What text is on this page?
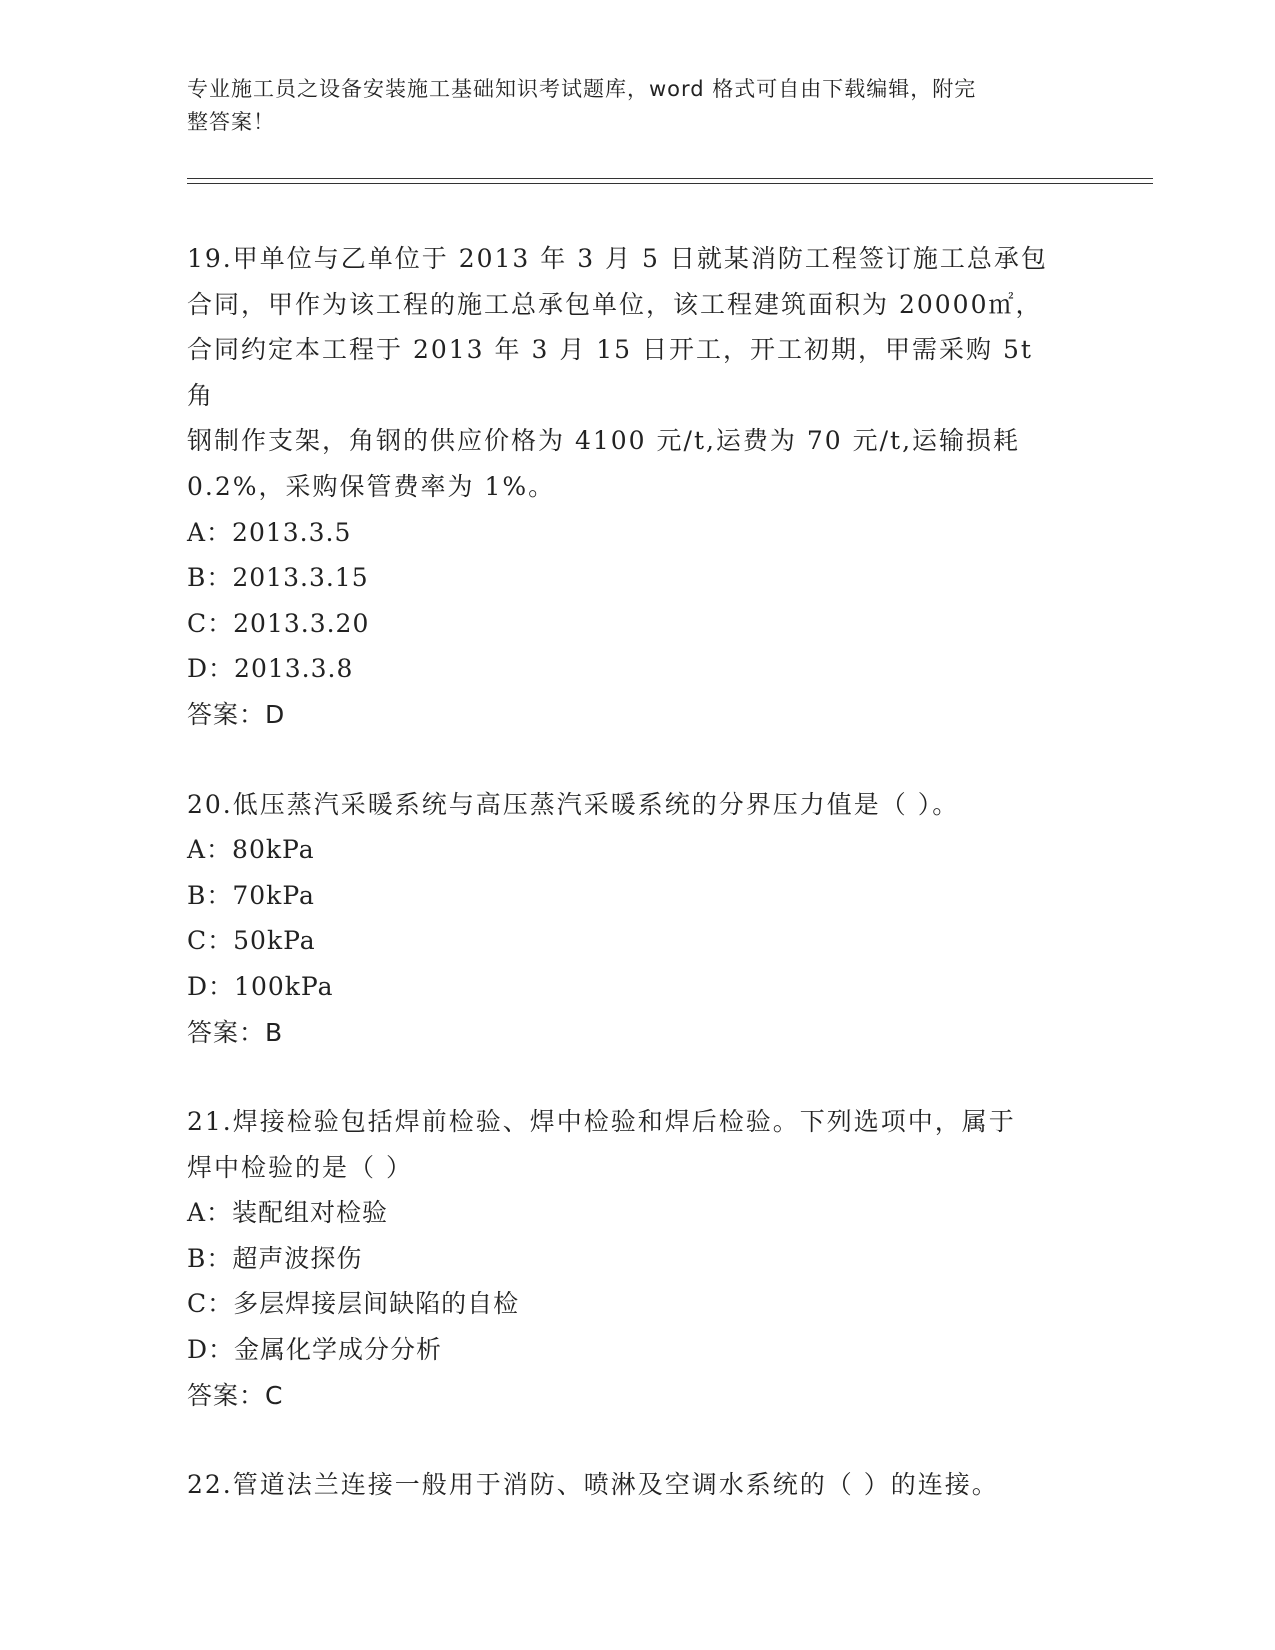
专业施工员之设备安装施工基础知识考试题库，word 格式可自由下载编辑，附完
整答案！
19.甲单位与乙单位于 2013 年 3 月 5 日就某消防工程签订施工总承包
合同，甲作为该工程的施工总承包单位，该工程建筑面积为 20000㎡，
合同约定本工程于 2013 年 3 月 15 日开工，开工初期，甲需采购 5t 角
钢制作支架，角钢的供应价格为 4100 元/t,运费为 70 元/t,运输损耗
0.2%，采购保管费率为 1%。
A：2013.3.5
B：2013.3.15
C：2013.3.20
D：2013.3.8
答案：D
20.低压蒸汽采暖系统与高压蒸汽采暖系统的分界压力值是（ ）。
A：80kPa
B：70kPa
C：50kPa
D：100kPa
答案：B
21.焊接检验包括焊前检验、焊中检验和焊后检验。下列选项中，属于
焊中检验的是（ ）
A：装配组对检验
B：超声波探伤
C：多层焊接层间缺陷的自检
D：金属化学成分分析
答案：C
22.管道法兰连接一般用于消防、喷淋及空调水系统的（ ）的连接。
